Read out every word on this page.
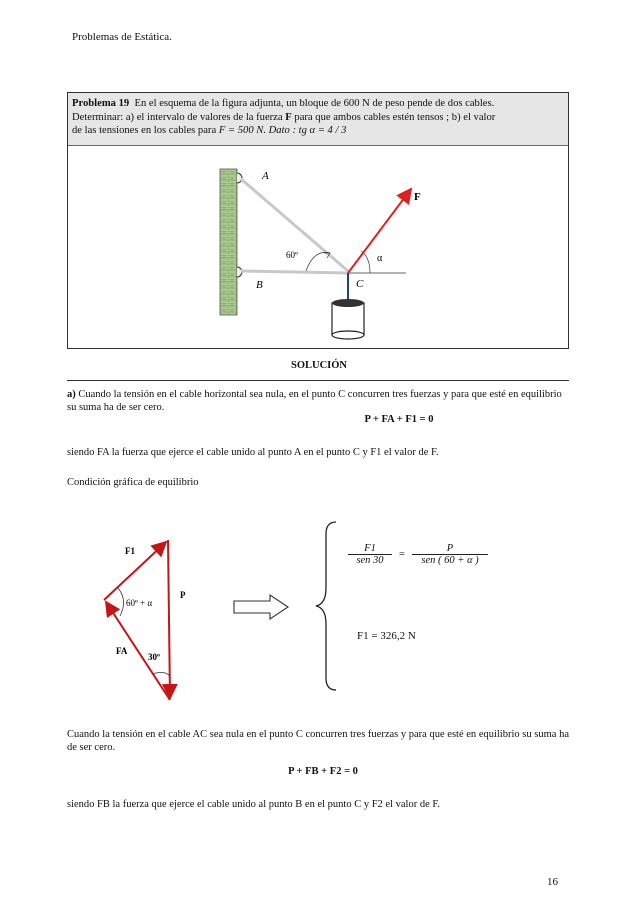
Problemas de Estática.
Problema 19 En el esquema de la figura adjunta, un bloque de 600 N de peso pende de dos cables.
Determinar: a) el intervalo de valores de la fuerza F para que ambos cables estén tensos ; b) el valor
de las tensiones en los cables para F = 500 N. Dato : tg α = 4 / 3
A
B	C
F
60º	α
SOLUCIÓN
a) Cuando la tensión en el cable horizontal sea nula, en el punto C concurren tres fuerzas y para que esté en equilibrio su suma ha de ser cero.
P + FA + F1 = 0
siendo FA la fuerza que ejerce el cable unido al punto A en el punto C y F1 el valor de F.
Condición gráfica de equilibrio
F1
P
FA
60º + α
30º
F1
sen 30
=
P
sen ( 60 + α )
F1 = 326,2 N
Cuando la tensión en el cable AC sea nula en el punto C concurren tres fuerzas y para que esté en equilibrio su suma ha de ser cero.
P + FB + F2 = 0
siendo FB la fuerza que ejerce el cable unido al punto B en el punto C y F2 el valor de F.
16
